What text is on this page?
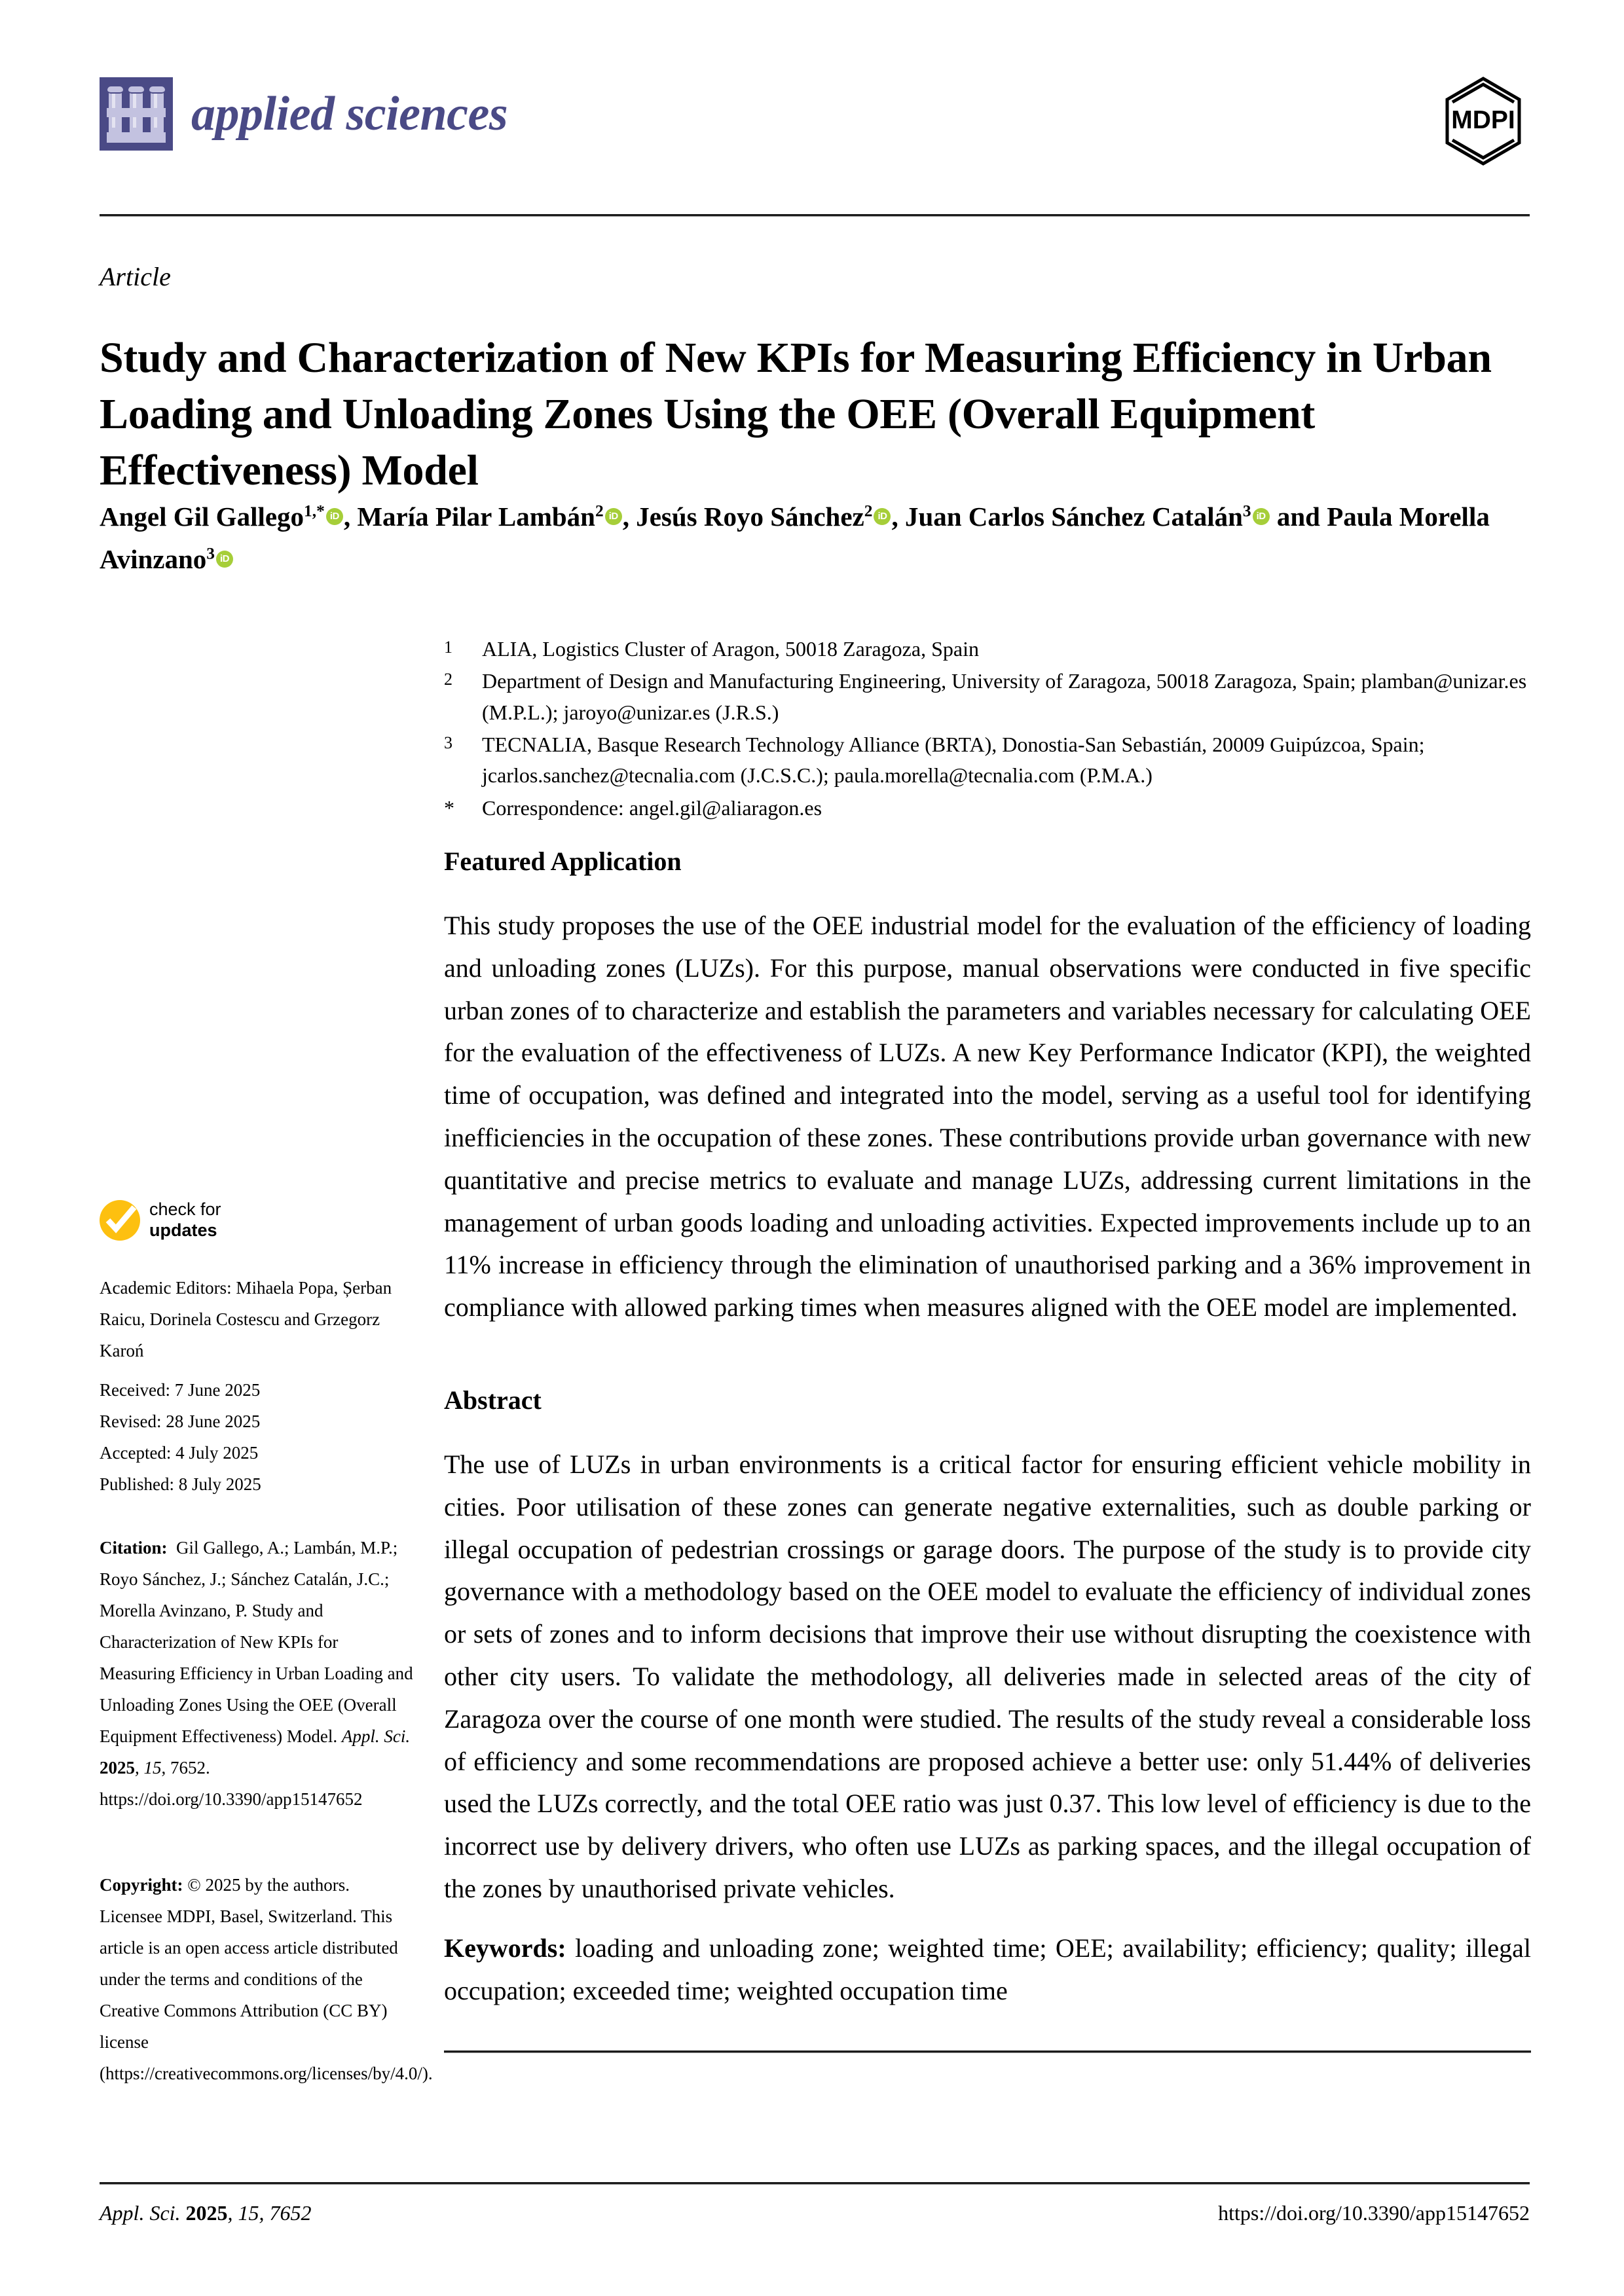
applied sciences	MDPI
Article
Study and Characterization of New KPIs for Measuring Efficiency in Urban Loading and Unloading Zones Using the OEE (Overall Equipment Effectiveness) Model
Angel Gil Gallego$^{1,*}$ iD , María Pilar Lambán$^2$ iD , Jesús Royo Sánchez$^2$ iD , Juan Carlos Sánchez Catalán$^3$ iD and Paula Morella Avinzano$^3$ iD
1	ALIA, Logistics Cluster of Aragon, 50018 Zaragoza, Spain
2	Department of Design and Manufacturing Engineering, University of Zaragoza, 50018 Zaragoza, Spain; plamban@unizar.es (M.P.L.); jaroyo@unizar.es (J.R.S.)
3	TECNALIA, Basque Research Technology Alliance (BRTA), Donostia-San Sebastián, 20009 Guipúzcoa, Spain; jcarlos.sanchez@tecnalia.com (J.C.S.C.); paula.morella@tecnalia.com (P.M.A.)
*	Correspondence: angel.gil@aliaragon.es
Featured Application
This study proposes the use of the OEE industrial model for the evaluation of the efficiency of loading and unloading zones (LUZs). For this purpose, manual observations were conducted in five specific urban zones of to characterize and establish the parameters and variables necessary for calculating OEE for the evaluation of the effectiveness of LUZs. A new Key Performance Indicator (KPI), the weighted time of occupation, was defined and integrated into the model, serving as a useful tool for identifying inefficiencies in the occupation of these zones. These contributions provide urban governance with new quantitative and precise metrics to evaluate and manage LUZs, addressing current limitations in the management of urban goods loading and unloading activities. Expected improvements include up to an 11% increase in efficiency through the elimination of unauthorised parking and a 36% improvement in compliance with allowed parking times when measures aligned with the OEE model are implemented.
Abstract
The use of LUZs in urban environments is a critical factor for ensuring efficient vehicle mobility in cities. Poor utilisation of these zones can generate negative externalities, such as double parking or illegal occupation of pedestrian crossings or garage doors. The purpose of the study is to provide city governance with a methodology based on the OEE model to evaluate the efficiency of individual zones or sets of zones and to inform decisions that improve their use without disrupting the coexistence with other city users. To validate the methodology, all deliveries made in selected areas of the city of Zaragoza over the course of one month were studied. The results of the study reveal a considerable loss of efficiency and some recommendations are proposed achieve a better use: only 51.44% of deliveries used the LUZs correctly, and the total OEE ratio was just 0.37. This low level of efficiency is due to the incorrect use by delivery drivers, who often use LUZs as parking spaces, and the illegal occupation of the zones by unauthorised private vehicles.
Keywords: loading and unloading zone; weighted time; OEE; availability; efficiency; quality; illegal occupation; exceeded time; weighted occupation time
check for
updates

Academic Editors: Mihaela Popa, Șerban Raicu, Dorinela Costescu and Grzegorz Karoń

Received: 7 June 2025

Revised: 28 June 2025

Accepted: 4 July 2025

Published: 8 July 2025

Citation: Gil Gallego, A.; Lambán, M.P.; Royo Sánchez, J.; Sánchez Catalán, J.C.; Morella Avinzano, P. Study and Characterization of New KPIs for Measuring Efficiency in Urban Loading and Unloading Zones Using the OEE (Overall Equipment Effectiveness) Model. Appl. Sci. 2025, 15, 7652. https://doi.org/10.3390/app15147652

Copyright: © 2025 by the authors. Licensee MDPI, Basel, Switzerland. This article is an open access article distributed under the terms and conditions of the Creative Commons Attribution (CC BY) license (https://creativecommons.org/licenses/by/4.0/).

Appl. Sci. 2025, 15, 7652	https://doi.org/10.3390/app15147652
